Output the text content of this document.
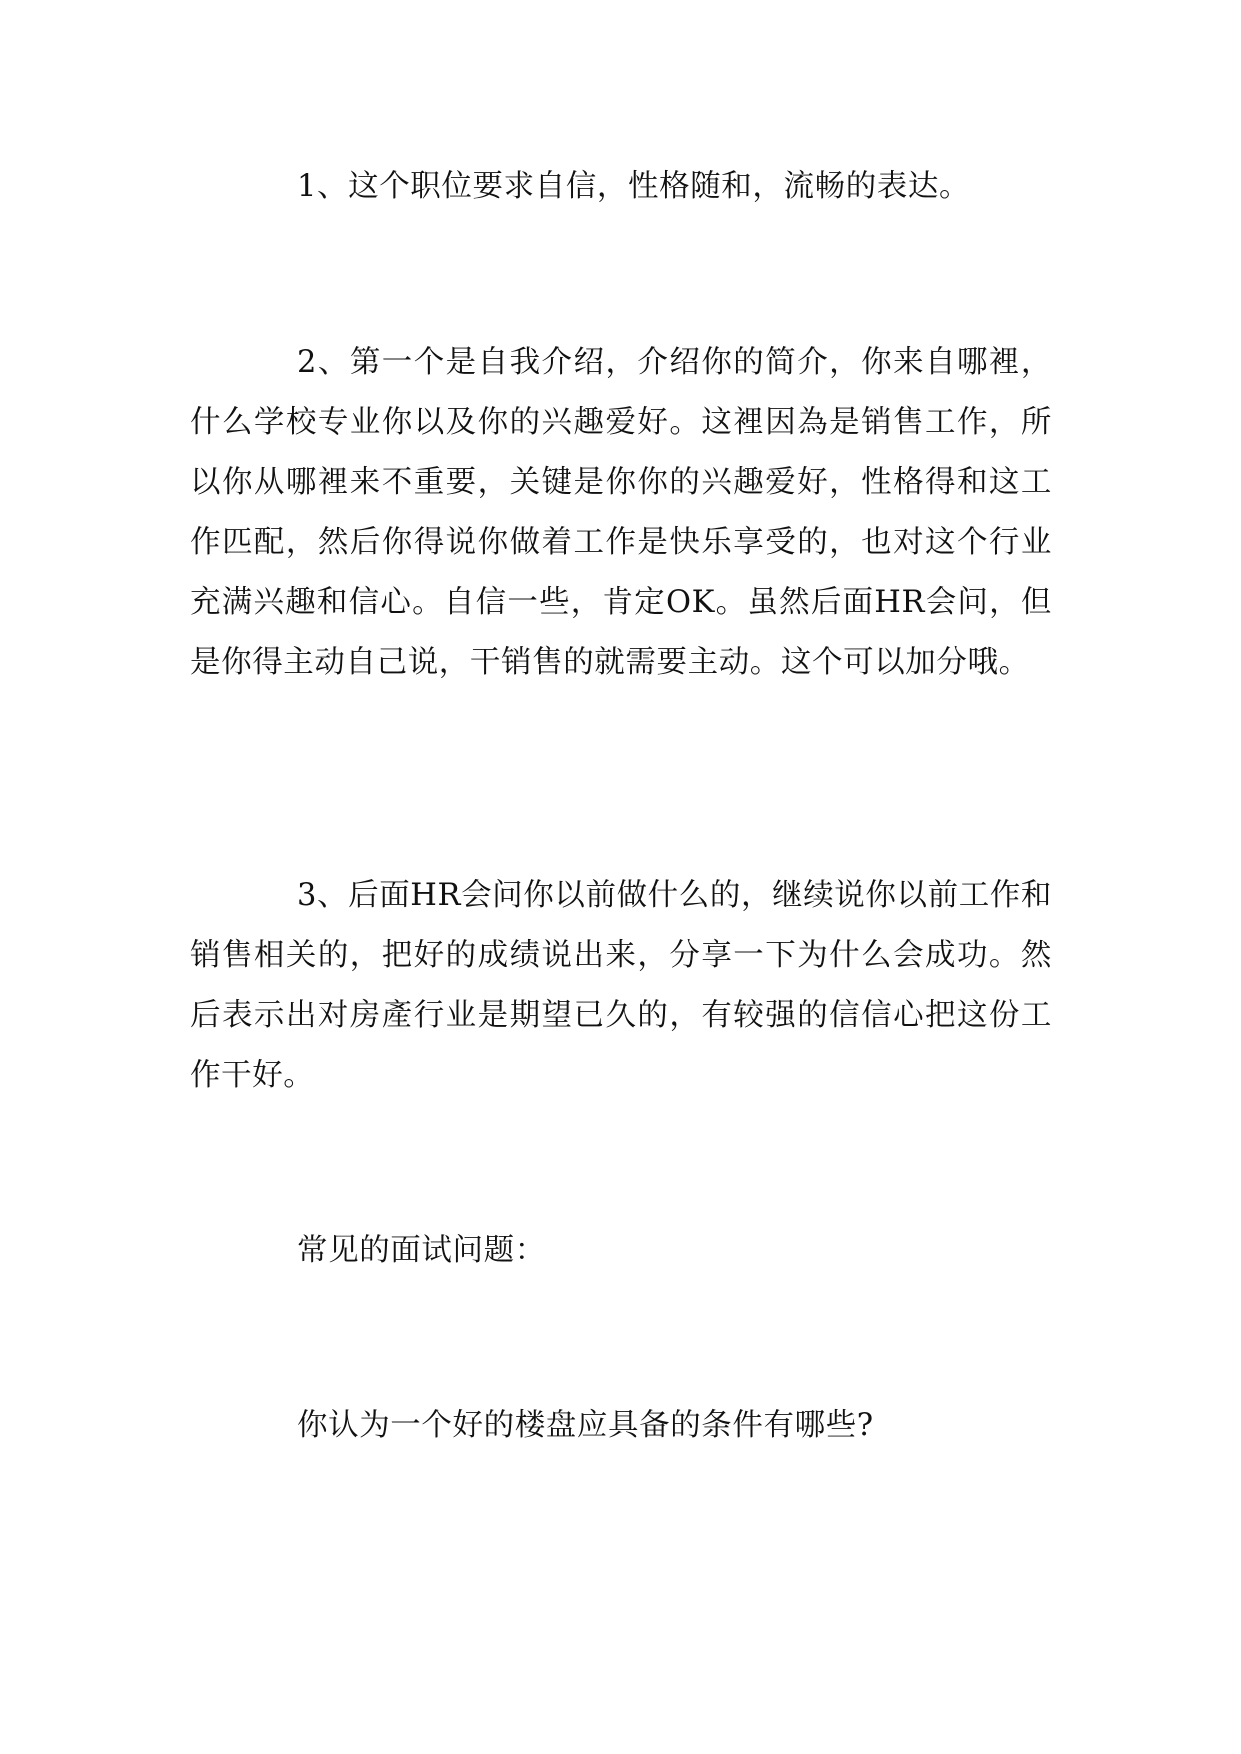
1、这个职位要求自信，性格随和，流畅的表达。

2、第一个是自我介绍，介绍你的简介，你来自哪裡，什么学校专业你以及你的兴趣爱好。这裡因為是销售工作，所以你从哪裡来不重要，关键是你你的兴趣爱好，性格得和这工作匹配，然后你得说你做着工作是快乐享受的，也对这个行业充满兴趣和信心。自信一些，肯定OK。虽然后面HR会问，但是你得主动自己说，干销售的就需要主动。这个可以加分哦。

3、后面HR会问你以前做什么的，继续说你以前工作和销售相关的，把好的成绩说出来，分享一下为什么会成功。然后表示出对房產行业是期望已久的，有较强的信信心把这份工作干好。

常见的面试问题：

你认为一个好的楼盘应具备的条件有哪些?
